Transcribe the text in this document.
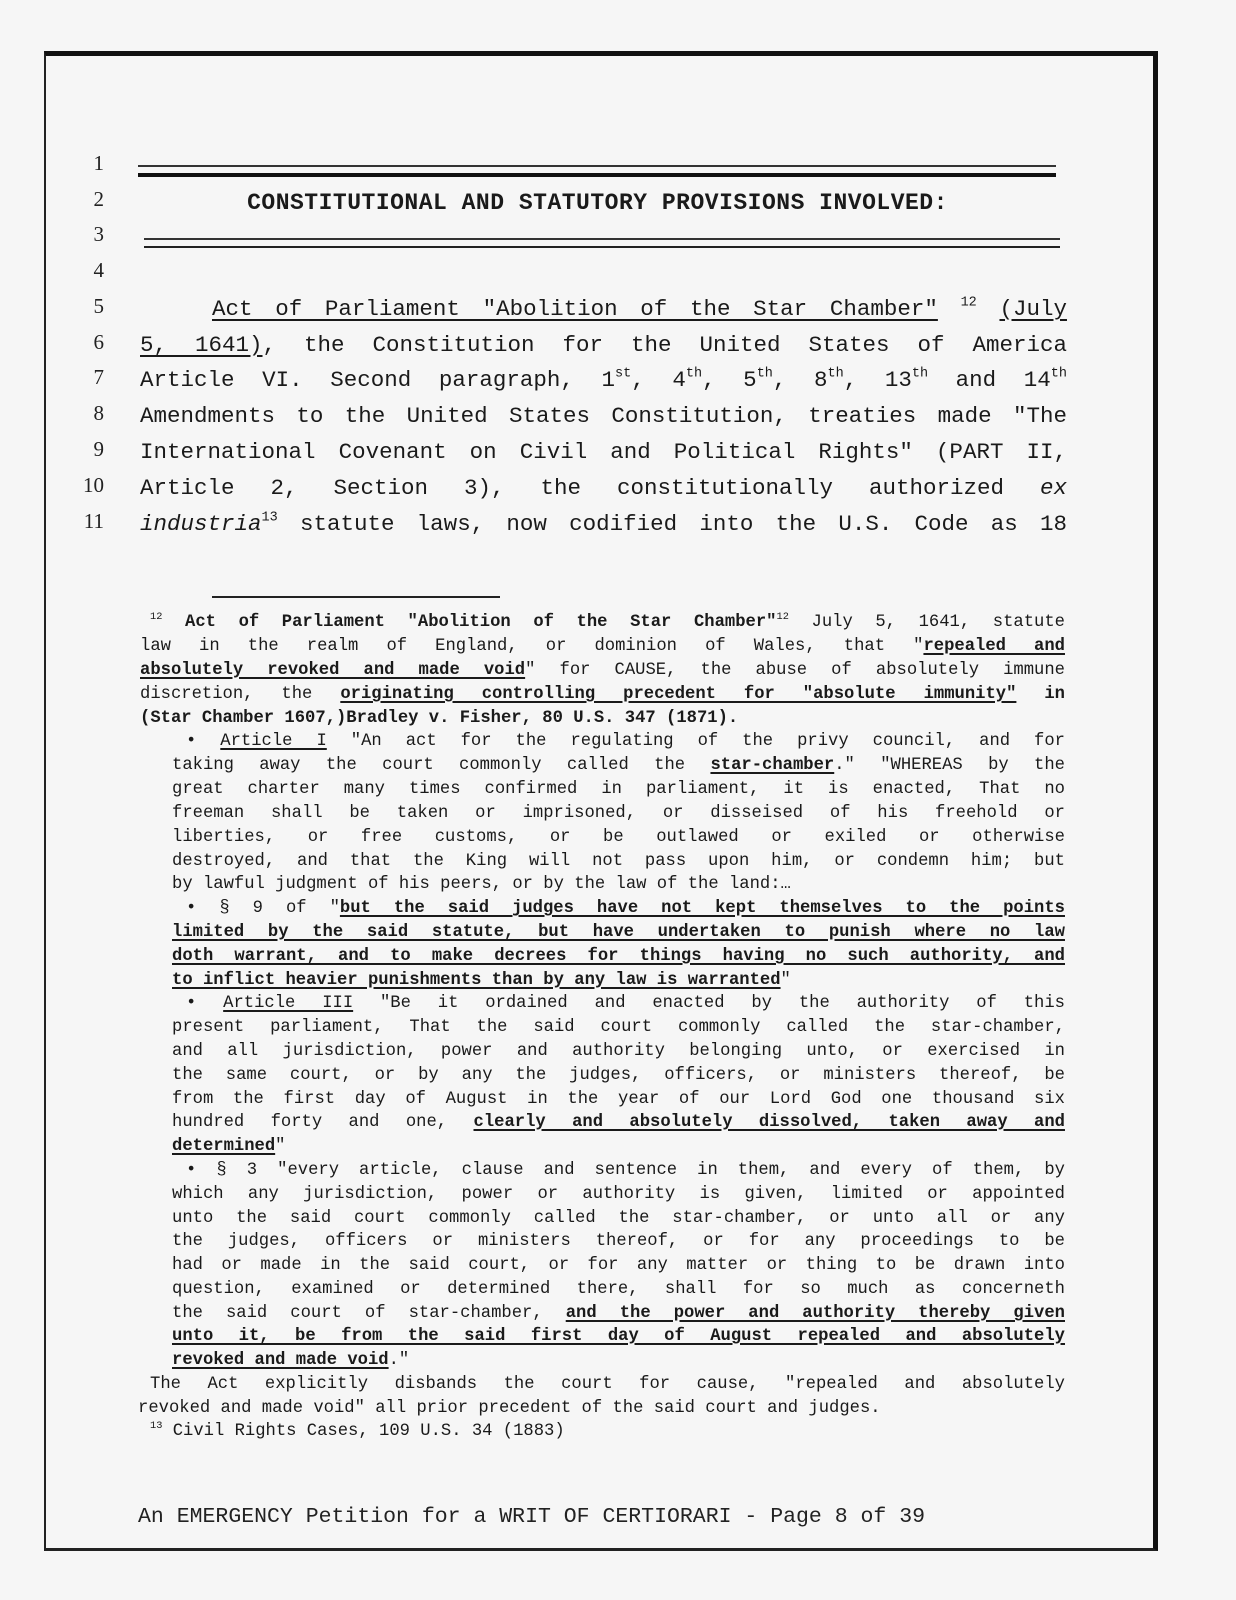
1
2
3
4
5
6
7
8
9
10
11
CONSTITUTIONAL AND STATUTORY PROVISIONS INVOLVED:
Act of Parliament "Abolition of the Star Chamber" $^{12}$ (July
5, 1641), the Constitution for the United States of America
Article VI. Second paragraph, 1st, 4th, 5th, 8th, 13th and 14th
Amendments to the United States Constitution, treaties made "The
International Covenant on Civil and Political Rights" (PART II,
Article 2, Section 3), the constitutionally authorized ex
industria$^{13}$ statute laws, now codified into the U.S. Code as 18
$^{12}$ Act of Parliament "Abolition of the Star Chamber"$^{12}$ July 5, 1641, statute
law in the realm of England, or dominion of Wales, that "repealed and
absolutely revoked and made void" for CAUSE, the abuse of absolutely immune
discretion, the originating controlling precedent for "absolute immunity" in
(Star Chamber 1607,)Bradley v. Fisher, 80 U.S. 347 (1871).
• Article I "An act for the regulating of the privy council, and for
taking away the court commonly called the star-chamber." "WHEREAS by the
great charter many times confirmed in parliament, it is enacted, That no
freeman shall be taken or imprisoned, or disseised of his freehold or
liberties, or free customs, or be outlawed or exiled or otherwise
destroyed, and that the King will not pass upon him, or condemn him; but
by lawful judgment of his peers, or by the law of the land:…
• § 9 of "but the said judges have not kept themselves to the points
limited by the said statute, but have undertaken to punish where no law
doth warrant, and to make decrees for things having no such authority, and
to inflict heavier punishments than by any law is warranted"
• Article III "Be it ordained and enacted by the authority of this
present parliament, That the said court commonly called the star-chamber,
and all jurisdiction, power and authority belonging unto, or exercised in
the same court, or by any the judges, officers, or ministers thereof, be
from the first day of August in the year of our Lord God one thousand six
hundred forty and one, clearly and absolutely dissolved, taken away and
determined"
• § 3 "every article, clause and sentence in them, and every of them, by
which any jurisdiction, power or authority is given, limited or appointed
unto the said court commonly called the star-chamber, or unto all or any
the judges, officers or ministers thereof, or for any proceedings to be
had or made in the said court, or for any matter or thing to be drawn into
question, examined or determined there, shall for so much as concerneth
the said court of star-chamber, and the power and authority thereby given
unto it, be from the said first day of August repealed and absolutely
revoked and made void."
The Act explicitly disbands the court for cause, "repealed and absolutely
revoked and made void" all prior precedent of the said court and judges.
$^{13}$ Civil Rights Cases, 109 U.S. 34 (1883)
An EMERGENCY Petition for a WRIT OF CERTIORARI - Page 8 of 39
